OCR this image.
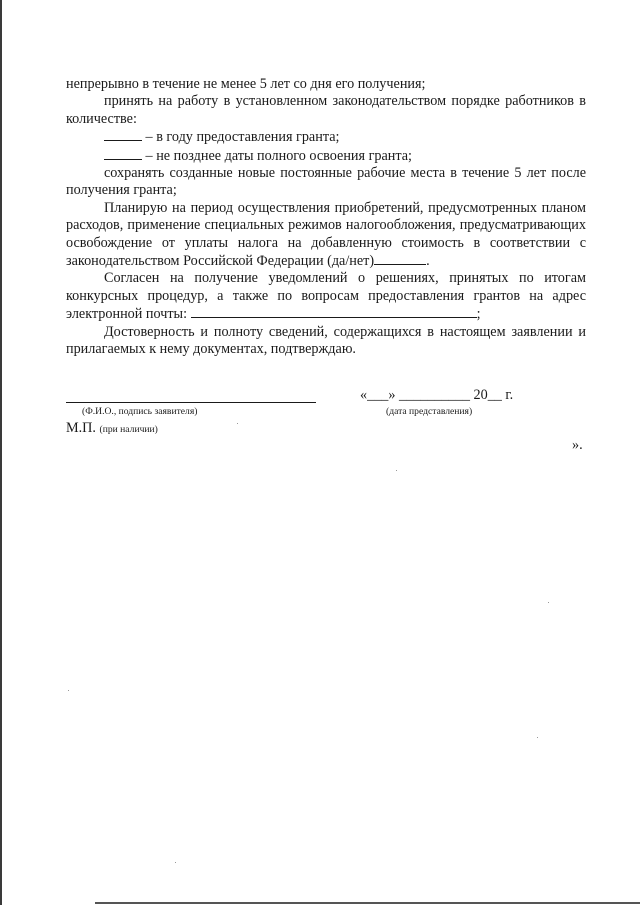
непрерывно в течение не менее 5 лет со дня его получения;

принять на работу в установленном законодательством порядке работников в количестве:

– в году предоставления гранта;

– не позднее даты полного освоения гранта;

сохранять созданные новые постоянные рабочие места в течение 5 лет после получения гранта;

Планирую на период осуществления приобретений, предусмотренных планом расходов, применение специальных режимов налогообложения, предусматривающих освобождение от уплаты налога на добавленную стоимость в соответствии с законодательством Российской Федерации (да/нет)	.

Согласен на получение уведомлений о решениях, принятых по итогам конкурсных процедур, а также по вопросам предоставления грантов на адрес электронной почты:	;

Достоверность и полноту сведений, содержащихся в настоящем заявлении и прилагаемых к нему документах, подтверждаю.

(Ф.И.О., подпись заявителя)
«___» __________ 20__ г.
(дата представления)
М.П. (при наличии)
».
